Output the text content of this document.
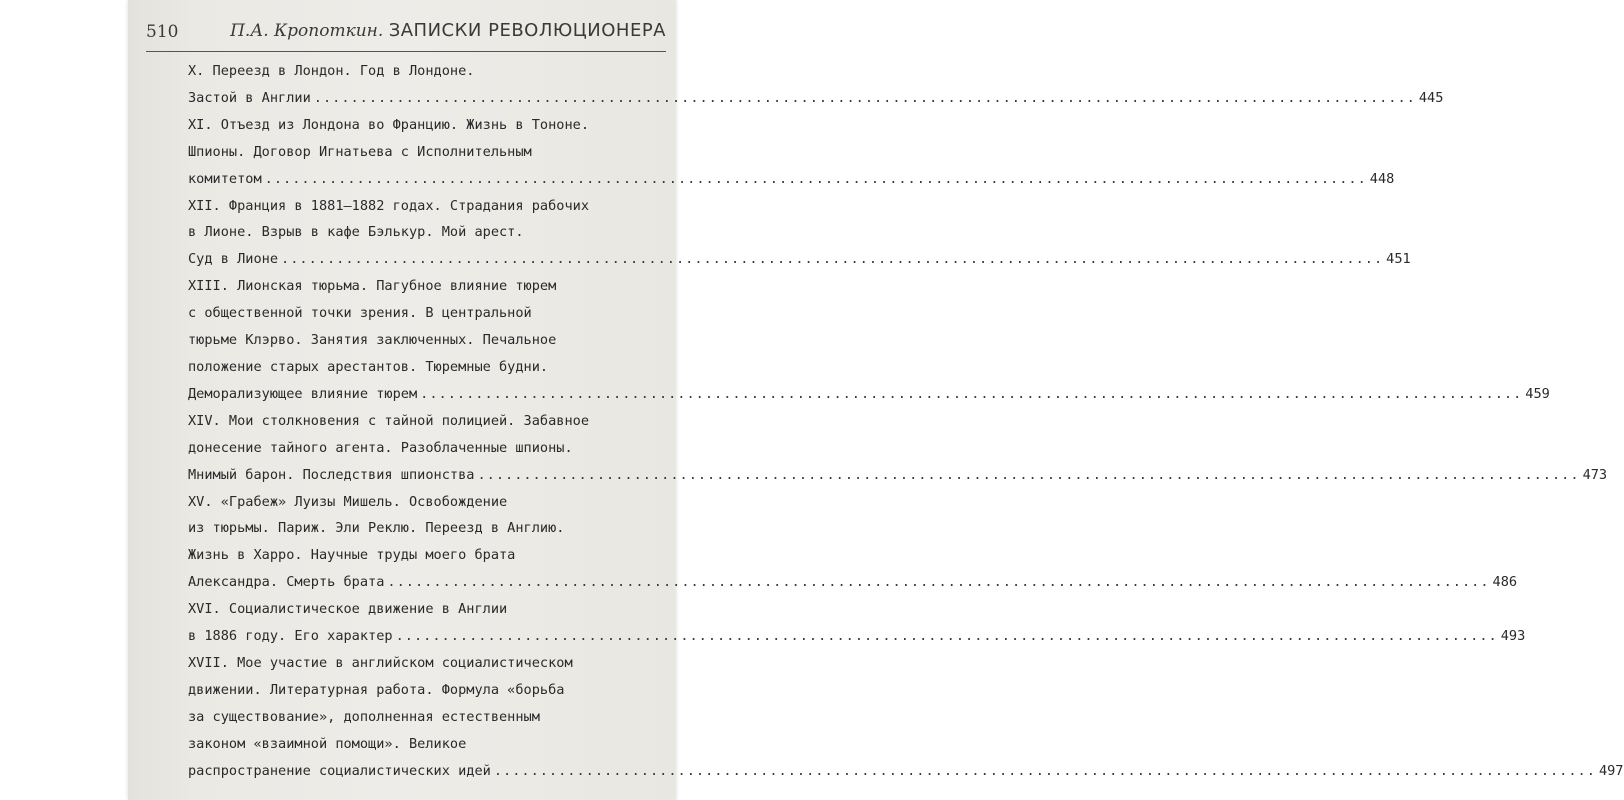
510	П.А. Кропоткин. ЗАПИСКИ РЕВОЛЮЦИОНЕРА
X. Переезд в Лондон. Год в Лондоне.
Застой в Англии ........................................................................................................................ 445
XI. Отъезд из Лондона во Францию. Жизнь в Тононе.
Шпионы. Договор Игнатьева с Исполнительным
комитетом ........................................................................................................................ 448
XII. Франция в 1881–1882 годах. Страдания рабочих
в Лионе. Взрыв в кафе Бэлькур. Мой арест.
Суд в Лионе ........................................................................................................................ 451
XIII. Лионская тюрьма. Пагубное влияние тюрем
с общественной точки зрения. В центральной
тюрьме Клэрво. Занятия заключенных. Печальное
положение старых арестантов. Тюремные будни.
Деморализующее влияние тюрем ........................................................................................................................ 459
XIV. Мои столкновения с тайной полицией. Забавное
донесение тайного агента. Разоблаченные шпионы.
Мнимый барон. Последствия шпионства ........................................................................................................................ 473
XV. «Грабеж» Луизы Мишель. Освобождение
из тюрьмы. Париж. Эли Реклю. Переезд в Англию.
Жизнь в Харро. Научные труды моего брата
Александра. Смерть брата ........................................................................................................................ 486
XVI. Социалистическое движение в Англии
в 1886 году. Его характер ........................................................................................................................ 493
XVII. Мое участие в английском социалистическом
движении. Литературная работа. Формула «борьба
за существование», дополненная естественным
законом «взаимной помощи». Великое
распространение социалистических идей ........................................................................................................................ 497
